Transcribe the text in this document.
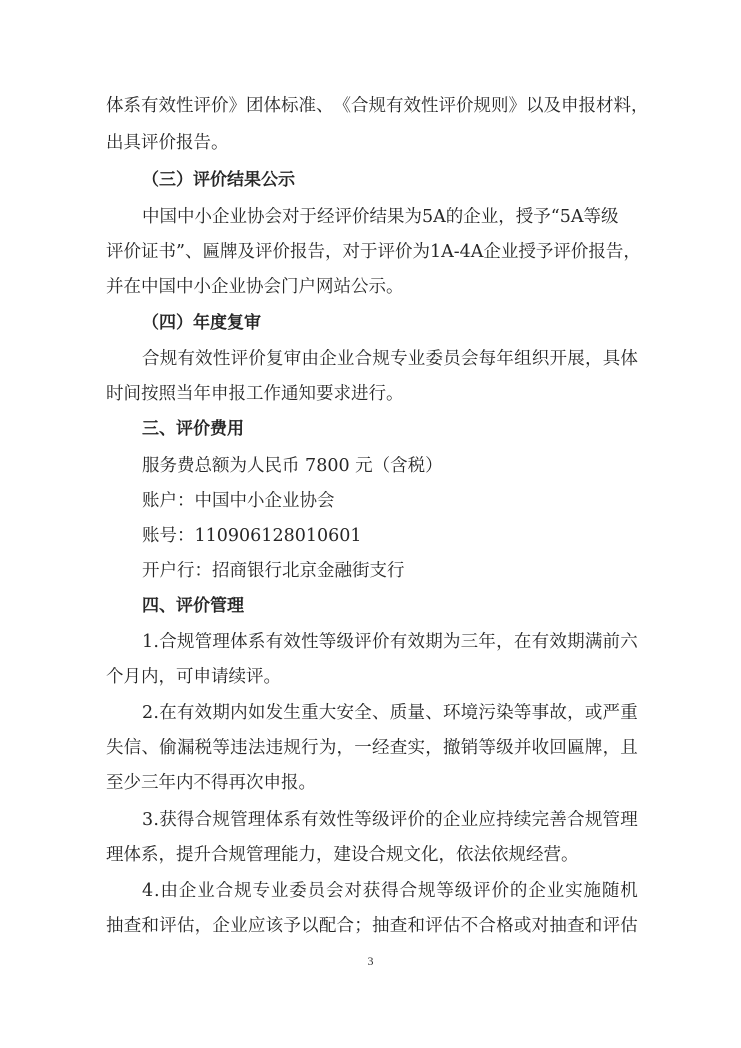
体 系 有 效 性 评 价 》 团 体 标 准 、 《 合 规 有 效 性 评 价 规 则 》 以 及 申 报 材 料 ，
出具评价报告。
（三）评价结果公示
中国中小企业协会对于经评价结果为5A的企业，授予“5A等级
评价证书”、匾牌及评价报告，对于评价为1A-4A企业授予评价报告，
并在中国中小企业协会门户网站公示。
（四）年度复审
合 规 有 效 性 评 价 复 审 由 企 业 合 规 专 业 委 员 会 每 年 组 织 开 展 ， 具 体
时间按照当年申报工作通知要求进行。
三、评价费用
服务费总额为人民币 7800 元（含税）
账户：中国中小企业协会
账号：110906128010601
开户行：招商银行北京金融街支行
四、评价管理
1 . 合 规 管 理 体 系 有 效 性 等 级 评 价 有 效 期 为 三 年 ， 在 有 效 期 满 前 六
个月内，可申请续评。
2 . 在 有 效 期 内 如 发 生 重 大 安 全 、 质 量 、 环 境 污 染 等 事 故 ， 或 严 重
失 信 、 偷 漏 税 等 违 法 违 规 行 为 ， 一 经 查 实 ， 撤 销 等 级 并 收 回 匾 牌 ， 且
至少三年内不得再次申报。
3 . 获 得 合 规 管 理 体 系 有 效 性 等 级 评 价 的 企 业 应 持 续 完 善 合 规 管 理
理体系，提升合规管理能力，建设合规文化，依法依规经营。
4 . 由 企 业 合 规 专 业 委 员 会 对 获 得 合 规 等 级 评 价 的 企 业 实 施 随 机
抽 查 和 评 估 ， 企 业 应 该 予 以 配 合 ； 抽 查 和 评 估 不 合 格 或 对 抽 查 和 评 估
3
